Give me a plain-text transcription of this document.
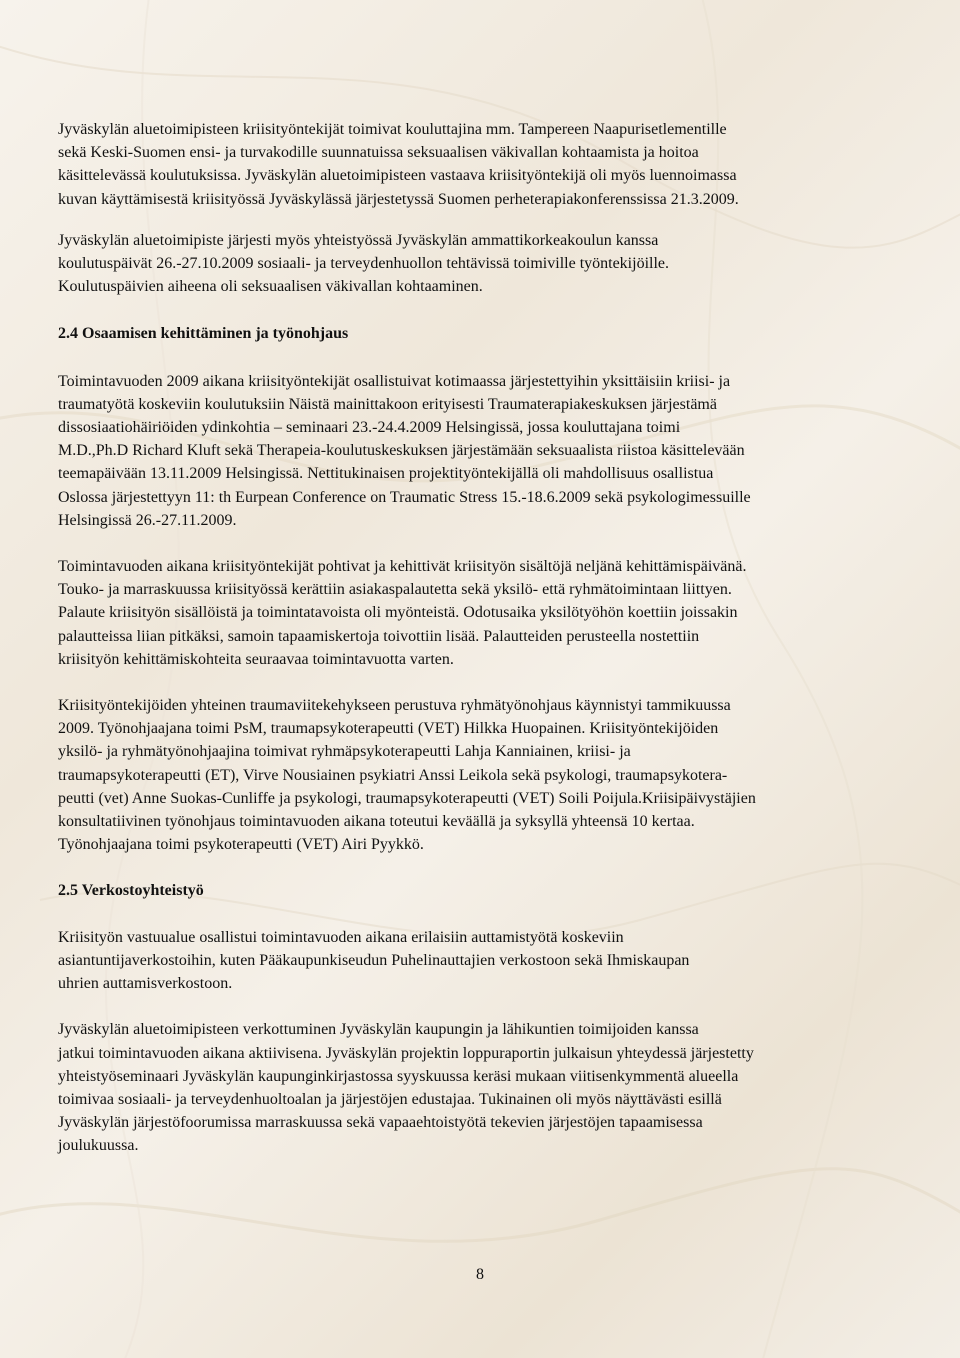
Jyväskylän aluetoimipisteen kriisityöntekijät toimivat kouluttajina mm. Tampereen Naapurisetlementille
sekä Keski-Suomen ensi- ja turvakodille suunnatuissa seksuaalisen väkivallan kohtaamista ja hoitoa
käsittelevässä koulutuksissa. Jyväskylän aluetoimipisteen vastaava kriisityöntekijä oli myös luennoimassa
kuvan käyttämisestä kriisityössä Jyväskylässä järjestetyssä Suomen perheterapiakonferenssissa 21.3.2009.

Jyväskylän aluetoimipiste järjesti myös yhteistyössä Jyväskylän ammattikorkeakoulun kanssa
koulutuspäivät 26.-27.10.2009 sosiaali- ja terveydenhuollon tehtävissä toimiville työntekijöille.
Koulutuspäivien aiheena oli seksuaalisen väkivallan kohtaaminen.

2.4 Osaamisen kehittäminen ja työnohjaus

Toimintavuoden 2009 aikana kriisityöntekijät osallistuivat kotimaassa järjestettyihin yksittäisiin kriisi- ja
traumatyötä koskeviin koulutuksiin Näistä mainittakoon erityisesti Traumaterapiakeskuksen järjestämä
dissosiaatiohäiriöiden ydinkohtia – seminaari 23.-24.4.2009 Helsingissä, jossa kouluttajana toimi
M.D.,Ph.D Richard Kluft sekä Therapeia-koulutuskeskuksen järjestämään seksuaalista riistoa käsittelevään
teemapäivään 13.11.2009 Helsingissä. Nettitukinaisen projektityöntekijällä oli mahdollisuus osallistua
Oslossa järjestettyyn 11: th Eurpean Conference on Traumatic Stress 15.-18.6.2009 sekä psykologimessuille
Helsingissä 26.-27.11.2009.

Toimintavuoden aikana kriisityöntekijät pohtivat ja kehittivät kriisityön sisältöjä neljänä kehittämispäivänä.
Touko- ja marraskuussa kriisityössä kerättiin asiakaspalautetta sekä yksilö- että ryhmätoimintaan liittyen.
Palaute kriisityön sisällöistä ja toimintatavoista oli myönteistä. Odotusaika yksilötyöhön koettiin joissakin
palautteissa liian pitkäksi, samoin tapaamiskertoja toivottiin lisää. Palautteiden perusteella nostettiin
kriisityön kehittämiskohteita seuraavaa toimintavuotta varten.

Kriisityöntekijöiden yhteinen traumaviitekehykseen perustuva ryhmätyönohjaus käynnistyi tammikuussa
2009. Työnohjaajana toimi PsM, traumapsykoterapeutti (VET) Hilkka Huopainen. Kriisityöntekijöiden
yksilö- ja ryhmätyönohjaajina toimivat ryhmäpsykoterapeutti Lahja Kanniainen, kriisi- ja
traumapsykoterapeutti (ET), Virve Nousiainen psykiatri Anssi Leikola sekä psykologi, traumapsykotera-
peutti (vet) Anne Suokas-Cunliffe ja psykologi, traumapsykoterapeutti (VET) Soili Poijula.Kriisipäivystäjien
konsultatiivinen työnohjaus toimintavuoden aikana toteutui keväällä ja syksyllä yhteensä 10 kertaa.
Työnohjaajana toimi psykoterapeutti (VET) Airi Pyykkö.

2.5 Verkostoyhteistyö

Kriisityön vastuualue osallistui toimintavuoden aikana erilaisiin auttamistyötä koskeviin
asiantuntijaverkostoihin, kuten Pääkaupunkiseudun Puhelinauttajien verkostoon sekä Ihmiskaupan
uhrien auttamisverkostoon.

Jyväskylän aluetoimipisteen verkottuminen Jyväskylän kaupungin ja lähikuntien toimijoiden kanssa
jatkui toimintavuoden aikana aktiivisena. Jyväskylän projektin loppuraportin julkaisun yhteydessä järjestetty
yhteistyöseminaari Jyväskylän kaupunginkirjastossa syyskuussa keräsi mukaan viitisenkymmentä alueella
toimivaa sosiaali- ja terveydenhuoltoalan ja järjestöjen edustajaa. Tukinainen oli myös näyttävästi esillä
Jyväskylän järjestöfoorumissa marraskuussa sekä vapaaehtoistyötä tekevien järjestöjen tapaamisessa
joulukuussa.

8
